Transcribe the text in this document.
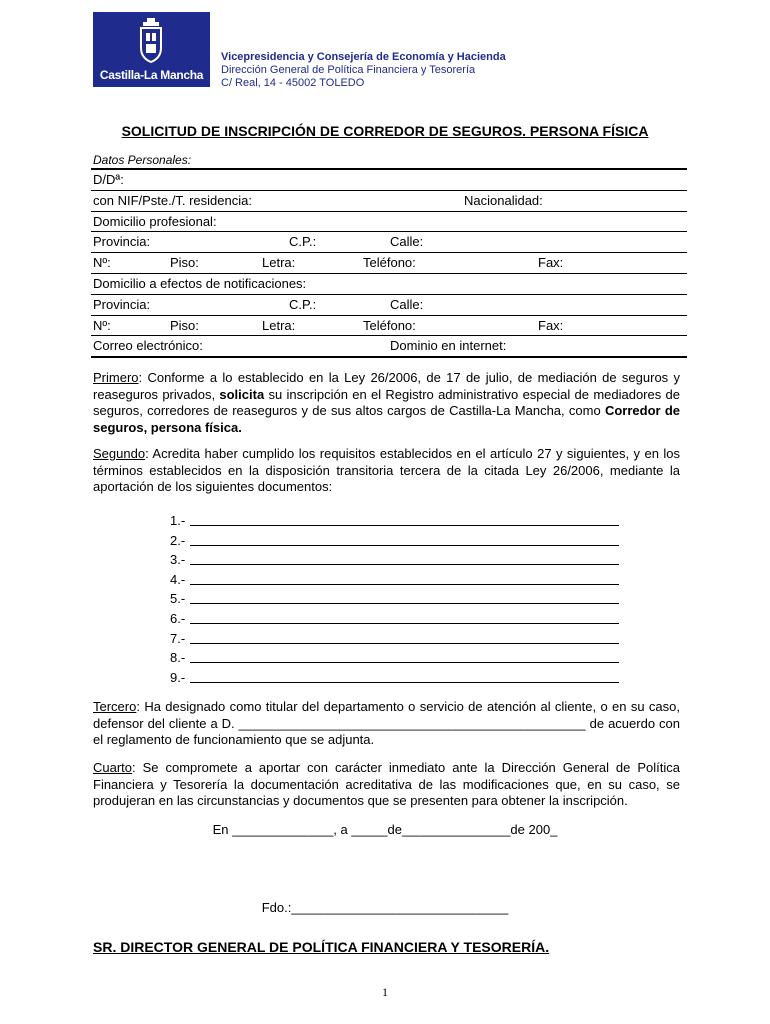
Castilla-La Mancha
Vicepresidencia y Consejería de Economía y Hacienda
Dirección General de Política Financiera y Tesorería
C/ Real, 14 - 45002 TOLEDO
SOLICITUD DE INSCRIPCIÓN DE CORREDOR DE SEGUROS. PERSONA FÍSICA
Datos Personales:
D/Dª:
con NIF/Pste./T. residencia:	Nacionalidad:
Domicilio profesional:
Provincia:	C.P.:	Calle:
Nº:	Piso:	Letra:	Teléfono:	Fax:
Domicilio a efectos de notificaciones:
Provincia:	C.P.:	Calle:
Nº:	Piso:	Letra:	Teléfono:	Fax:
Correo electrónico:	Dominio en internet:
Primero: Conforme a lo establecido en la Ley 26/2006, de 17 de julio, de mediación de seguros y reaseguros privados, solicita su inscripción en el Registro administrativo especial de mediadores de seguros, corredores de reaseguros y de sus altos cargos de Castilla-La Mancha, como Corredor de seguros, persona física.
Segundo: Acredita haber cumplido los requisitos establecidos en el artículo 27 y siguientes, y en los términos establecidos en la disposición transitoria tercera de la citada Ley 26/2006, mediante la aportación de los siguientes documentos:
1.-
2.-
3.-
4.-
5.-
6.-
7.-
8.-
9.-
Tercero: Ha designado como titular del departamento o servicio de atención al cliente, o en su caso, defensor del cliente a D. ________________________________________________ de acuerdo con el reglamento de funcionamiento que se adjunta.
Cuarto: Se compromete a aportar con carácter inmediato ante la Dirección General de Política Financiera y Tesorería la documentación acreditativa de las modificaciones que, en su caso, se produjeran en las circunstancias y documentos que se presenten para obtener la inscripción.
En ______________, a _____de_______________de 200_
Fdo.:______________________________
SR. DIRECTOR GENERAL DE POLÍTICA FINANCIERA Y TESORERÍA.
1
